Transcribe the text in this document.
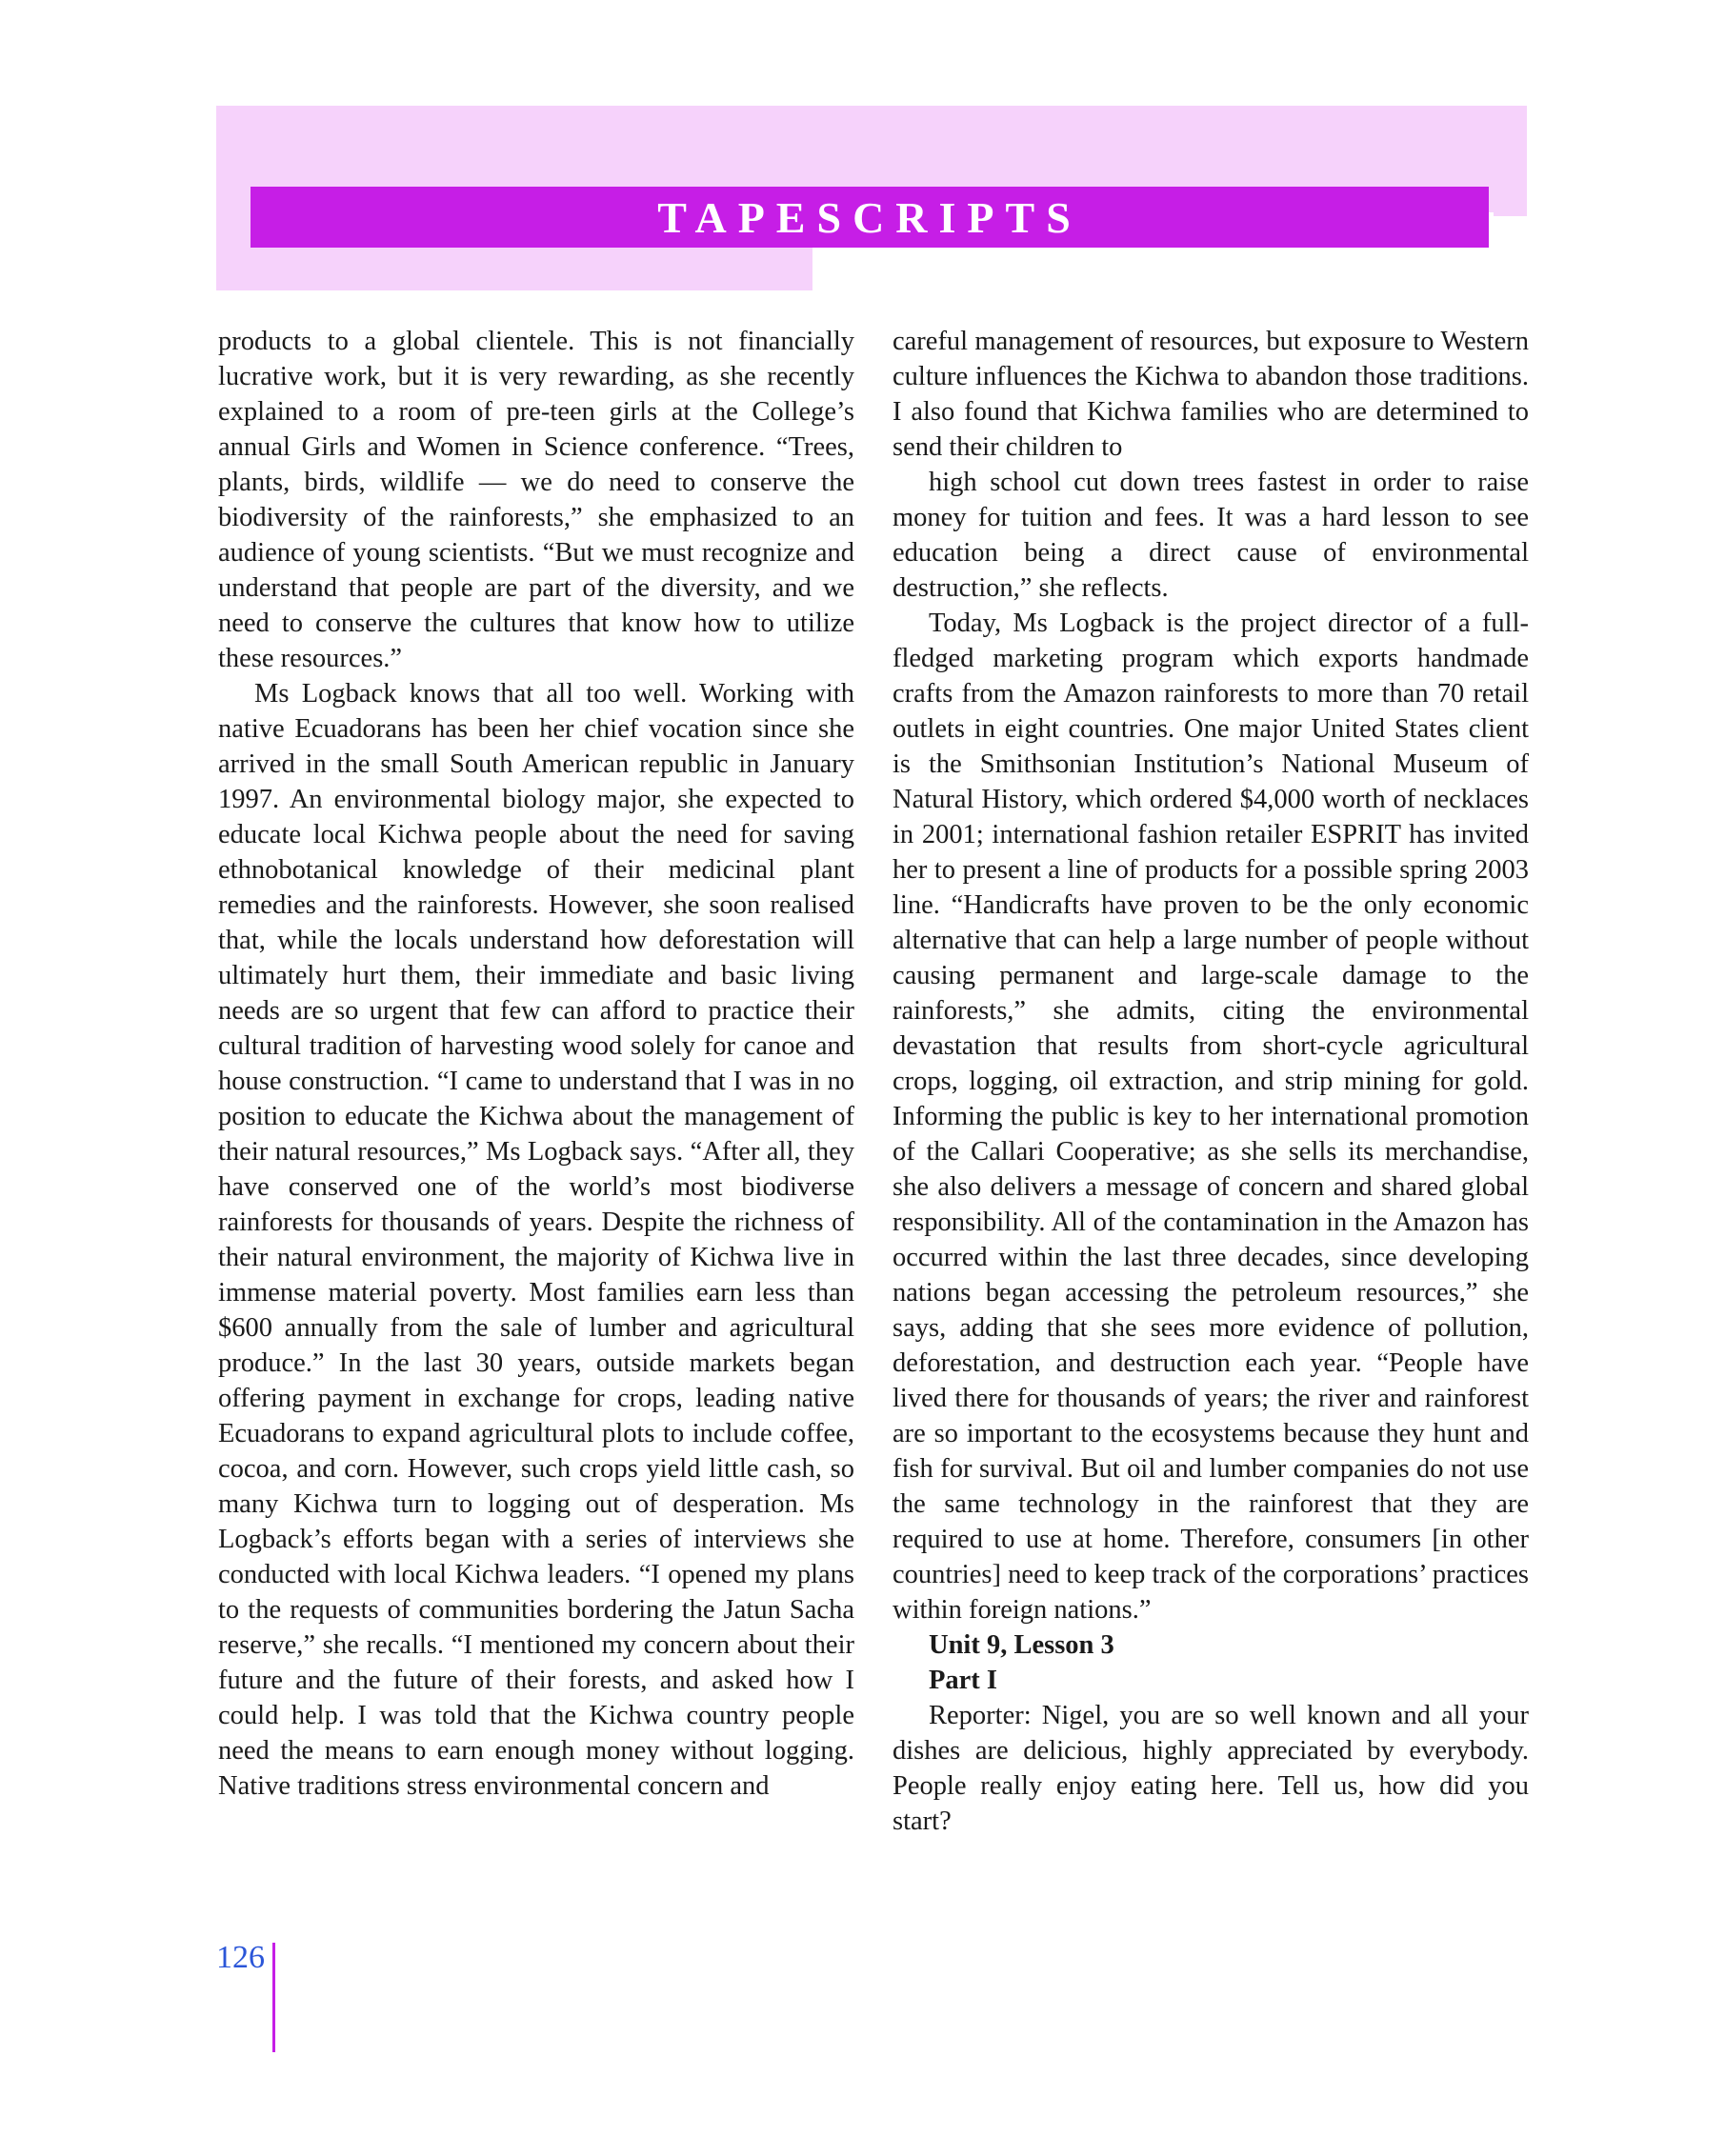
TAPESCRIPTS

products to a global clientele. This is not financially lucrative work, but it is very rewarding, as she recently explained to a room of pre-teen girls at the College’s annual Girls and Women in Science conference. “Trees, plants, birds, wildlife — we do need to conserve the biodiversity of the rainforests,” she emphasized to an audience of young scientists. “But we must recognize and understand that people are part of the diversity, and we need to conserve the cultures that know how to utilize these resources.”

Ms Logback knows that all too well. Working with native Ecuadorans has been her chief vocation since she arrived in the small South American republic in January 1997. An environmental biology major, she expected to educate local Kichwa people about the need for saving ethnobotanical knowledge of their medicinal plant remedies and the rainforests. However, she soon realised that, while the locals understand how deforestation will ultimately hurt them, their immediate and basic living needs are so urgent that few can afford to practice their cultural tradition of harvesting wood solely for canoe and house construction. “I came to understand that I was in no position to educate the Kichwa about the management of their natural resources,” Ms Logback says. “After all, they have conserved one of the world’s most biodiverse rainforests for thousands of years. Despite the richness of their natural environment, the majority of Kichwa live in immense material poverty. Most families earn less than $600 annually from the sale of lumber and agricultural produce.” In the last 30 years, outside markets began offering payment in exchange for crops, leading native Ecuadorans to expand agricultural plots to include coffee, cocoa, and corn. However, such crops yield little cash, so many Kichwa turn to logging out of desperation. Ms Logback’s efforts began with a series of interviews she conducted with local Kichwa leaders. “I opened my plans to the requests of communities bordering the Jatun Sacha reserve,” she recalls. “I mentioned my concern about their future and the future of their forests, and asked how I could help. I was told that the Kichwa country people need the means to earn enough money without logging. Native traditions stress environmental concern and

careful management of resources, but exposure to Western culture influences the Kichwa to abandon those traditions. I also found that Kichwa families who are determined to send their children to

high school cut down trees fastest in order to raise money for tuition and fees. It was a hard lesson to see education being a direct cause of environmental destruction,” she reflects.

Today, Ms Logback is the project director of a full-fledged marketing program which exports handmade crafts from the Amazon rainforests to more than 70 retail outlets in eight countries. One major United States client is the Smithsonian Institution’s National Museum of Natural History, which ordered $4,000 worth of necklaces in 2001; international fashion retailer ESPRIT has invited her to present a line of products for a possible spring 2003 line. “Handicrafts have proven to be the only economic alternative that can help a large number of people without causing permanent and large-scale damage to the rainforests,” she admits, citing the environmental devastation that results from short-cycle agricultural crops, logging, oil extraction, and strip mining for gold. Informing the public is key to her international promotion of the Callari Cooperative; as she sells its merchandise, she also delivers a message of concern and shared global responsibility. All of the contamination in the Amazon has occurred within the last three decades, since developing nations began accessing the petroleum resources,” she says, adding that she sees more evidence of pollution, deforestation, and destruction each year. “People have lived there for thousands of years; the river and rainforest are so important to the ecosystems because they hunt and fish for survival. But oil and lumber companies do not use the same technology in the rainforest that they are required to use at home. Therefore, consumers [in other countries] need to keep track of the corporations’ practices within foreign nations.”

Unit 9, Lesson 3

Part I

Reporter: Nigel, you are so well known and all your dishes are delicious, highly appreciated by everybody. People really enjoy eating here. Tell us, how did you start?

126
